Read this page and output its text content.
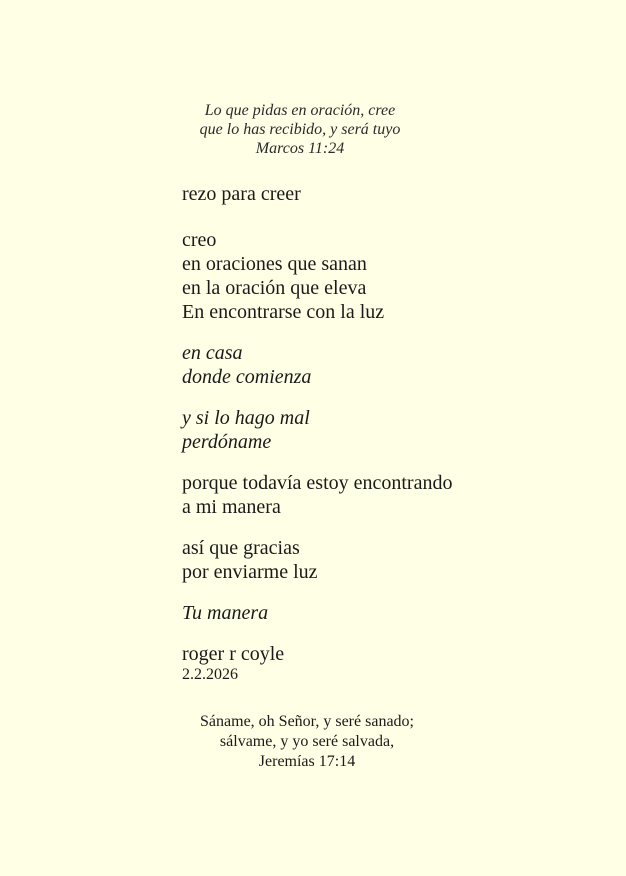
Lo que pidas en oración, cree
que lo has recibido, y será tuyo
Marcos 11:24
rezo para creer
creo
en oraciones que sanan
en la oración que eleva
En encontrarse con la luz
en casa
donde comienza
y si lo hago mal
perdóname
porque todavía estoy encontrando
a mi manera
así que gracias
por enviarme luz
Tu manera
roger r coyle
2.2.2026
Sáname, oh Señor, y seré sanado;
sálvame, y yo seré salvada,
Jeremías 17:14
